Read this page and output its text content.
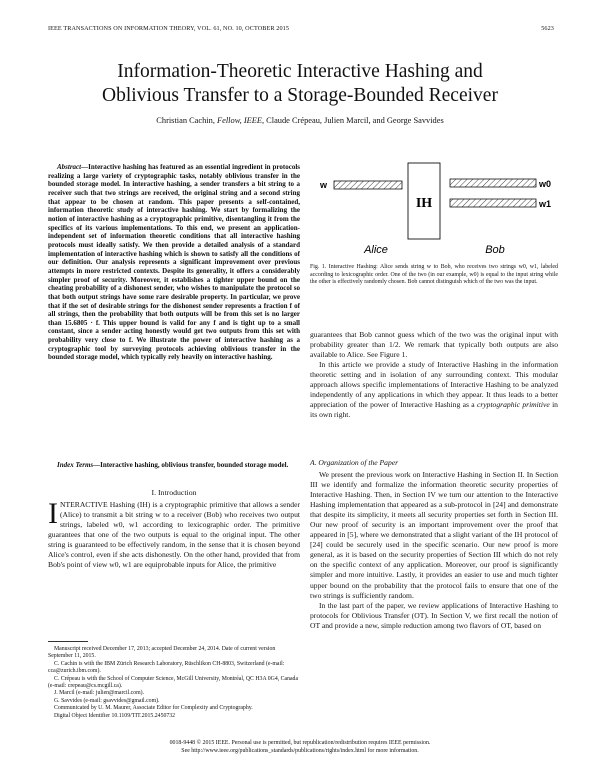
IEEE TRANSACTIONS ON INFORMATION THEORY, VOL. 61, NO. 10, OCTOBER 2015	5623
Information-Theoretic Interactive Hashing and
Oblivious Transfer to a Storage-Bounded Receiver
Christian Cachin, Fellow, IEEE, Claude Crépeau, Julien Marcil, and George Savvides

Abstract—Interactive hashing has featured as an essential ingredient in protocols realizing a large variety of cryptographic tasks, notably oblivious transfer in the bounded storage model. In interactive hashing, a sender transfers a bit string to a receiver such that two strings are received, the original string and a second string that appear to be chosen at random. This paper presents a self-contained, information theoretic study of interactive hashing. We start by formalizing the notion of interactive hashing as a cryptographic primitive, disentangling it from the specifics of its various implementations. To this end, we present an application-independent set of information theoretic conditions that all interactive hashing protocols must ideally satisfy. We then provide a detailed analysis of a standard implementation of interactive hashing which is shown to satisfy all the conditions of our definition. Our analysis represents a significant improvement over previous attempts in more restricted contexts. Despite its generality, it offers a considerably simpler proof of security. Moreover, it establishes a tighter upper bound on the cheating probability of a dishonest sender, who wishes to manipulate the protocol so that both output strings have some rare desirable property. In particular, we prove that if the set of desirable strings for the dishonest sender represents a fraction f of all strings, then the probability that both outputs will be from this set is no larger than 15.6805 · f. This upper bound is valid for any f and is tight up to a small constant, since a sender acting honestly would get two outputs from this set with probability very close to f. We illustrate the power of interactive hashing as a cryptographic tool by surveying protocols achieving oblivious transfer in the bounded storage model, which typically rely heavily on interactive hashing.

Index Terms—Interactive hashing, oblivious transfer, bounded storage model.

I. Introduction

INTERACTIVE Hashing (IH) is a cryptographic primitive that allows a sender (Alice) to transmit a bit string w to a receiver (Bob) who receives two output strings, labeled w0, w1 according to lexicographic order. The primitive guarantees that one of the two outputs is equal to the original input. The other string is guaranteed to be effectively random, in the sense that it is chosen beyond Alice's control, even if she acts dishonestly. On the other hand, provided that from Bob's point of view w0, w1 are equiprobable inputs for Alice, the primitive

Manuscript received December 17, 2013; accepted December 24, 2014. Date of current version September 11, 2015.

C. Cachin is with the IBM Zürich Research Laboratory, Rüschlikon CH-8803, Switzerland (e-mail: cca@zurich.ibm.com).

C. Crépeau is with the School of Computer Science, McGill University, Montréal, QC H3A 0G4, Canada (e-mail: crepeau@cs.mcgill.ca).

J. Marcil (e-mail: julien@marcil.com).

G. Savvides (e-mail: gsavvides@gmail.com).

Communicated by U. M. Maurer, Associate Editor for Complexity and Cryptography.

Digital Object Identifier 10.1109/TIT.2015.2450732

w
IH
w0
w1
Alice	Bob
Fig. 1. Interactive Hashing: Alice sends string w to Bob, who receives two strings w0, w1, labeled according to lexicographic order. One of the two (in our example, w0) is equal to the input string while the other is effectively randomly chosen. Bob cannot distinguish which of the two was the input.

guarantees that Bob cannot guess which of the two was the original input with probability greater than 1/2. We remark that typically both outputs are also available to Alice. See Figure 1.

In this article we provide a study of Interactive Hashing in the information theoretic setting and in isolation of any surrounding context. This modular approach allows specific implementations of Interactive Hashing to be analyzed independently of any applications in which they appear. It thus leads to a better appreciation of the power of Interactive Hashing as a cryptographic primitive in its own right.

A. Organization of the Paper

We present the previous work on Interactive Hashing in Section II. In Section III we identify and formalize the information theoretic security properties of Interactive Hashing. Then, in Section IV we turn our attention to the Interactive Hashing implementation that appeared as a sub-protocol in [24] and demonstrate that despite its simplicity, it meets all security properties set forth in Section III. Our new proof of security is an important improvement over the proof that appeared in [5], where we demonstrated that a slight variant of the IH protocol of [24] could be securely used in the specific scenario. Our new proof is more general, as it is based on the security properties of Section III which do not rely on the specific context of any application. Moreover, our proof is significantly simpler and more intuitive. Lastly, it provides an easier to use and much tighter upper bound on the probability that the protocol fails to ensure that one of the two strings is sufficiently random.

In the last part of the paper, we review applications of Interactive Hashing to protocols for Oblivious Transfer (OT). In Section V, we first recall the notion of OT and provide a new, simple reduction among two flavors of OT, based on

0018-9448 © 2015 IEEE. Personal use is permitted, but republication/redistribution requires IEEE permission.
See http://www.ieee.org/publications_standards/publications/rights/index.html for more information.
